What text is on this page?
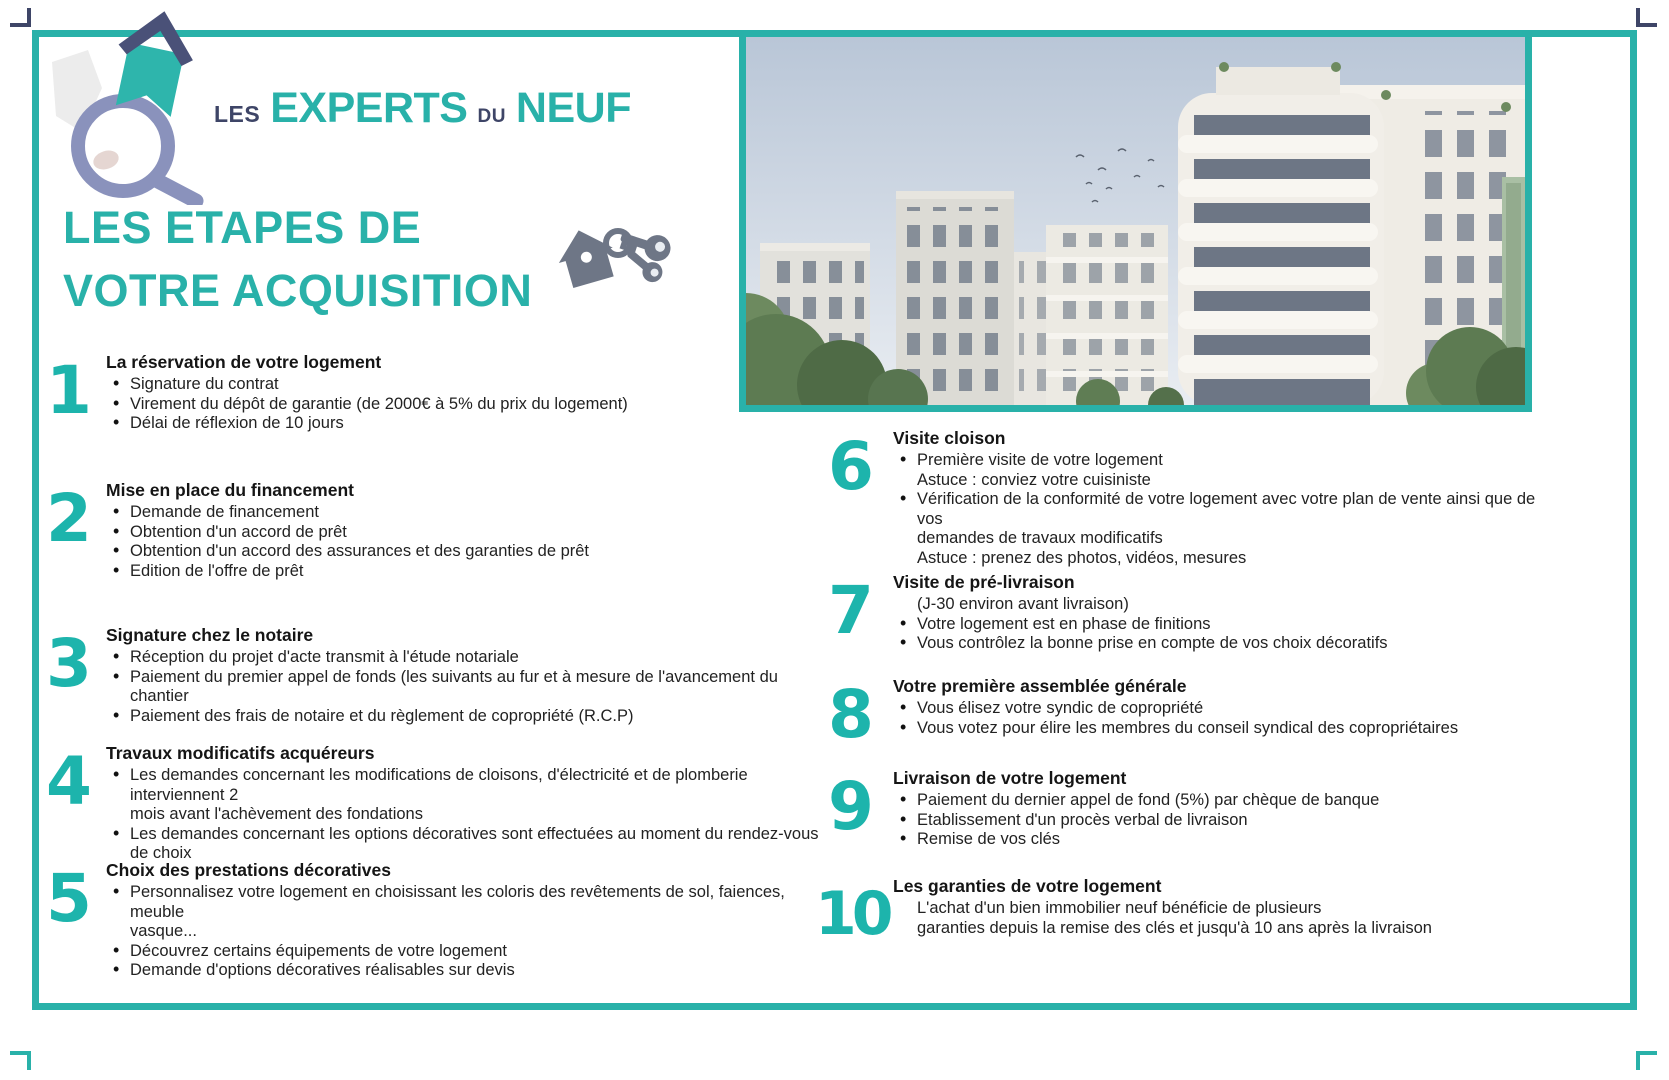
LES EXPERTS DU NEUF
LES ETAPES DE
VOTRE ACQUISITION
1 La réservation de votre logement
• Signature du contrat
• Virement du dépôt de garantie (de 2000€ à 5% du prix du logement)
• Délai de réflexion de 10 jours
2 Mise en place du financement
• Demande de financement
• Obtention d'un accord de prêt
• Obtention d'un accord des assurances et des garanties de prêt
• Edition de l'offre de prêt
3 Signature chez le notaire
• Réception du projet d'acte transmit à l'étude notariale
• Paiement du premier appel de fonds (les suivants au fur et à mesure de l'avancement du chantier
• Paiement des frais de notaire et du règlement de copropriété (R.C.P)
4 Travaux modificatifs acquéreurs
• Les demandes concernant les modifications de cloisons, d'électricité et de plomberie interviennent 2
mois avant l'achèvement des fondations
• Les demandes concernant les options décoratives sont effectuées au moment du rendez-vous de choix
5 Choix des prestations décoratives
• Personnalisez votre logement en choisissant les coloris des revêtements de sol, faiences, meuble
vasque...
• Découvrez certains équipements de votre logement
• Demande d'options décoratives réalisables sur devis
6	Visite cloison
• Première visite de votre logement
Astuce : conviez votre cuisiniste
• Vérification de la conformité de votre logement avec votre plan de vente ainsi que de vos
demandes de travaux modificatifs
Astuce : prenez des photos, vidéos, mesures
7	Visite de pré-livraison
(J-30 environ avant livraison)
• Votre logement est en phase de finitions
• Vous contrôlez la bonne prise en compte de vos choix décoratifs
8	Votre première assemblée générale
• Vous élisez votre syndic de copropriété
• Vous votez pour élire les membres du conseil syndical des copropriétaires
9	Livraison de votre logement
• Paiement du dernier appel de fond (5%) par chèque de banque
• Etablissement d'un procès verbal de livraison
• Remise de vos clés
10 Les garanties de votre logement
L'achat d'un bien immobilier neuf bénéficie de plusieurs
garanties depuis la remise des clés et jusqu'à 10 ans après la livraison
